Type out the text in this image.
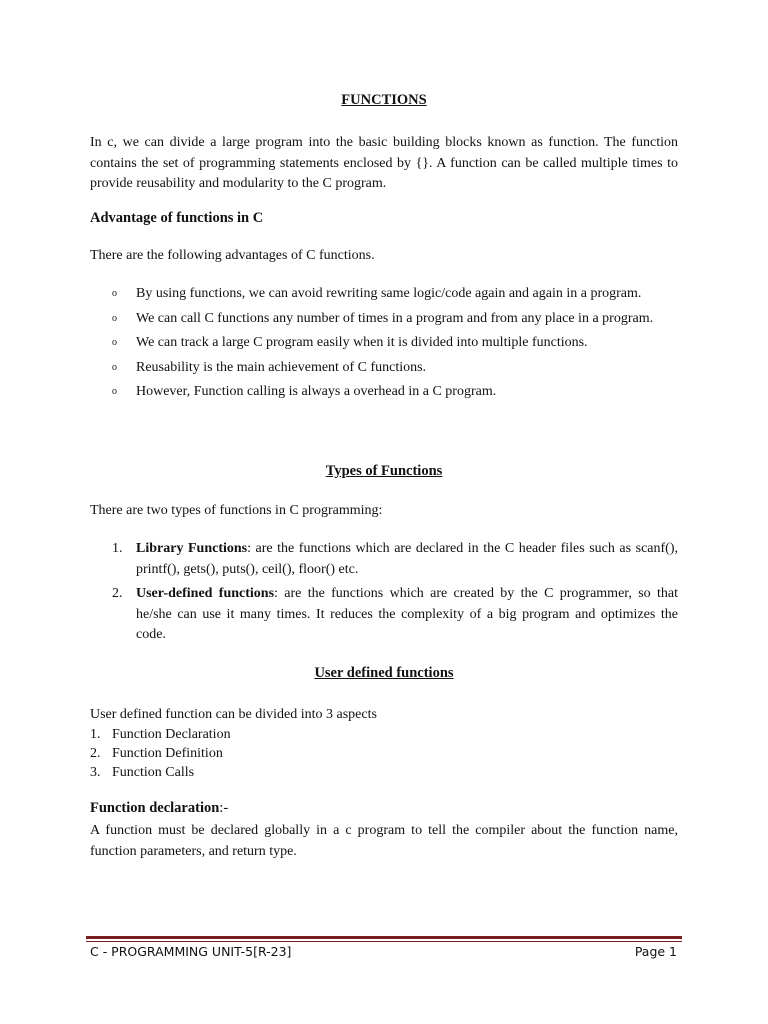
FUNCTIONS
In c, we can divide a large program into the basic building blocks known as function. The function contains the set of programming statements enclosed by {}. A function can be called multiple times to provide reusability and modularity to the C program.
Advantage of functions in C
There are the following advantages of C functions.
o By using functions, we can avoid rewriting same logic/code again and again in a program.
o We can call C functions any number of times in a program and from any place in a program.
o We can track a large C program easily when it is divided into multiple functions.
o Reusability is the main achievement of C functions.
o However, Function calling is always a overhead in a C program.
Types of Functions
There are two types of functions in C programming:
1. Library Functions: are the functions which are declared in the C header files such as scanf(), printf(), gets(), puts(), ceil(), floor() etc.
2. User-defined functions: are the functions which are created by the C programmer, so that he/she can use it many times. It reduces the complexity of a big program and optimizes the code.
User defined functions
User defined function can be divided into 3 aspects
1. Function Declaration
2. Function Definition
3. Function Calls
Function declaration:-
A function must be declared globally in a c program to tell the compiler about the function name, function parameters, and return type.
C - PROGRAMMING UNIT-5[R-23]	Page 1
